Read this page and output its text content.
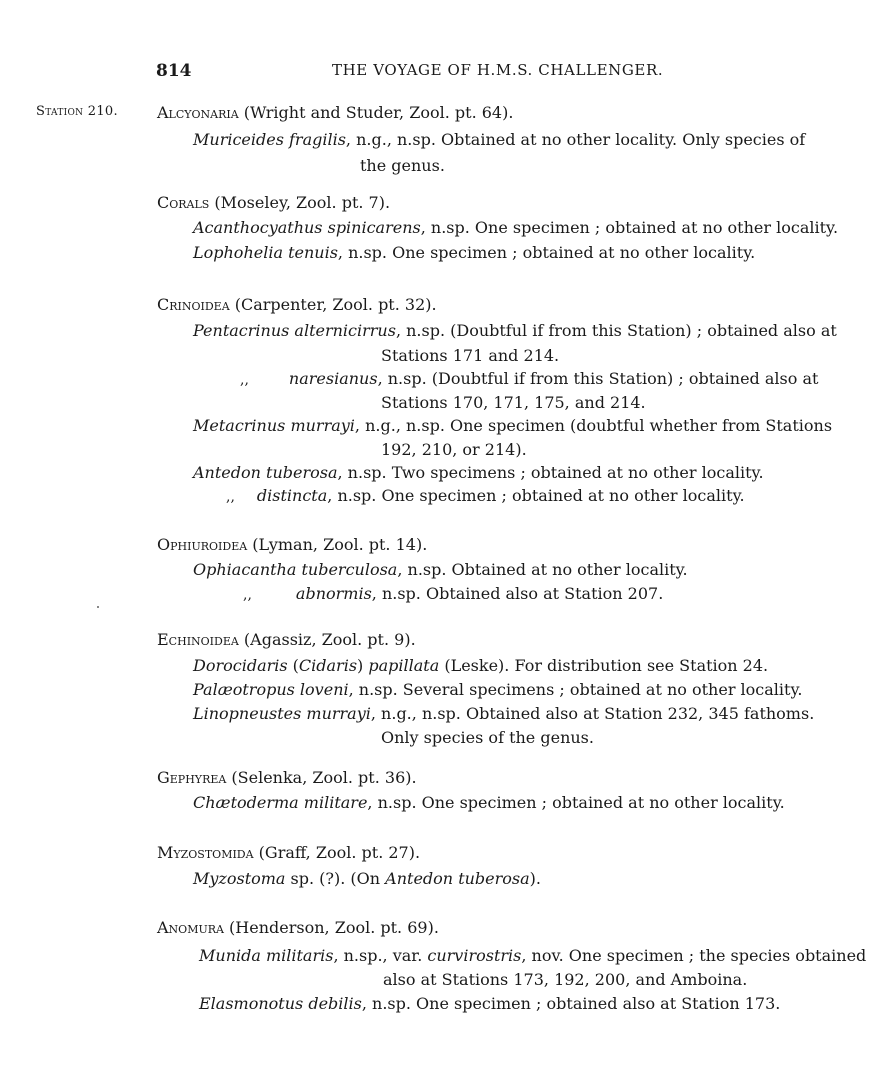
814	THE VOYAGE OF H.M.S. CHALLENGER.
Station 210. Alcyonaria (Wright and Studer, Zool. pt. 64).
Muriceides fragilis, n.g., n.sp. Obtained at no other locality. Only species of
the genus.
Corals (Moseley, Zool. pt. 7).
Acanthocyathus spinicarens, n.sp. One specimen ; obtained at no other locality.
Lophohelia tenuis, n.sp. One specimen ; obtained at no other locality.
Crinoidea (Carpenter, Zool. pt. 32).
Pentacrinus alternicirrus, n.sp. (Doubtful if from this Station) ; obtained also at
Stations 171 and 214.
,,	naresianus, n.sp. (Doubtful if from this Station) ; obtained also at
Stations 170, 171, 175, and 214.
Metacrinus murrayi, n.g., n.sp. One specimen (doubtful whether from Stations
192, 210, or 214).
Antedon tuberosa, n.sp. Two specimens ; obtained at no other locality.
,, distincta, n.sp. One specimen ; obtained at no other locality.
Ophiuroidea (Lyman, Zool. pt. 14).
Ophiacantha tuberculosa, n.sp. Obtained at no other locality.
,,	abnormis, n.sp. Obtained also at Station 207.
Echinoidea (Agassiz, Zool. pt. 9).
Dorocidaris (Cidaris) papillata (Leske). For distribution see Station 24.
Palæotropus loveni, n.sp. Several specimens ; obtained at no other locality.
Linopneustes murrayi, n.g., n.sp. Obtained also at Station 232, 345 fathoms.
Only species of the genus.
Gephyrea (Selenka, Zool. pt. 36).
Chætoderma militare, n.sp. One specimen ; obtained at no other locality.
Myzostomida (Graff, Zool. pt. 27).
Myzostoma sp. (?). (On Antedon tuberosa).
Anomura (Henderson, Zool. pt. 69).
Munida militaris, n.sp., var. curvirostris, nov. One specimen ; the species obtained
also at Stations 173, 192, 200, and Amboina.
Elasmonotus debilis, n.sp. One specimen ; obtained also at Station 173.
